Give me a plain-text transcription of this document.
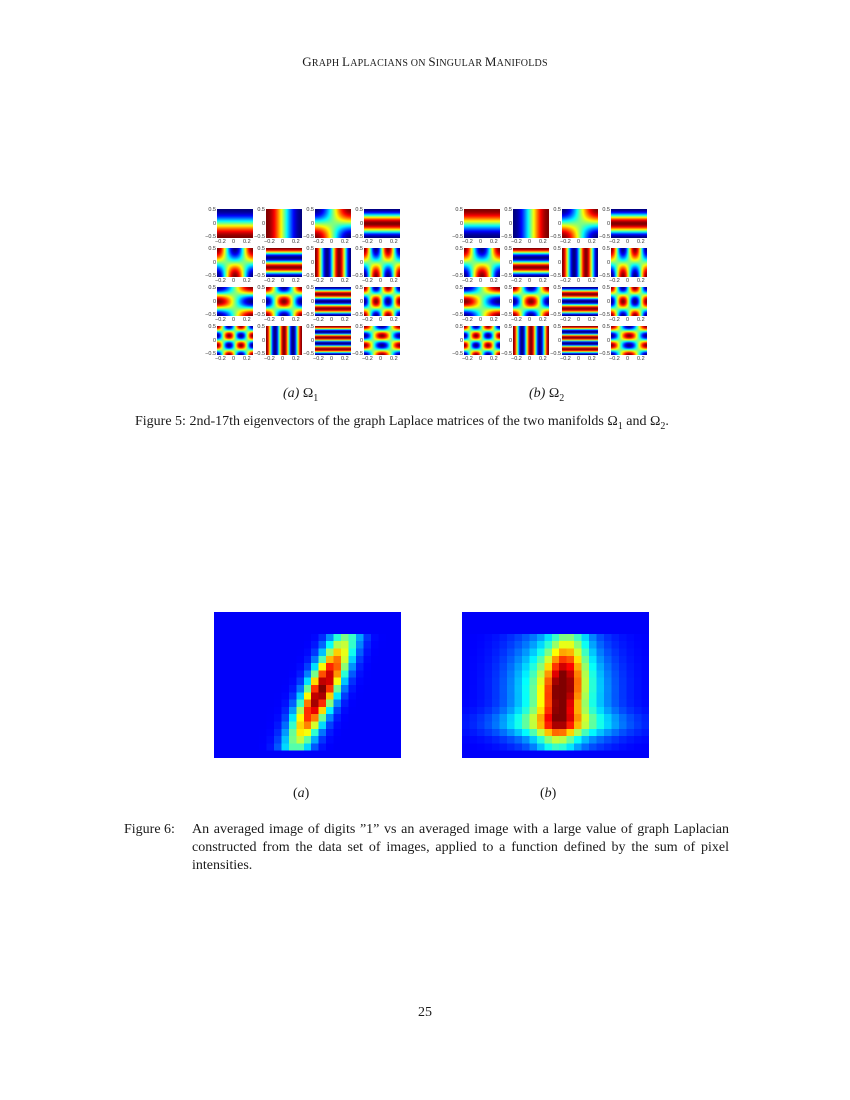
GRAPH LAPLACIANS ON SINGULAR MANIFOLDS
0.5
0
−0.5
−0.2 0 0.2
0.5
0
−0.5
−0.2 0 0.2
0.5
0
−0.5
−0.2 0 0.2
0.5
0
−0.5
−0.2 0 0.2
0.5
0
−0.5
−0.2 0 0.2
0.5
0
−0.5
−0.2 0 0.2
0.5
0
−0.5
−0.2 0 0.2
0.5
0
−0.5
−0.2 0 0.2
0.5
0
−0.5
−0.2 0 0.2
0.5
0
−0.5
−0.2 0 0.2
0.5
0
−0.5
−0.2 0 0.2
0.5
0
−0.5
−0.2 0 0.2
0.5
0
−0.5
−0.2 0 0.2
0.5
0
−0.5
−0.2 0 0.2
0.5
0
−0.5
−0.2 0 0.2
0.5
0
−0.5
−0.2 0 0.2
0.5
0
−0.5
−0.2 0 0.2
0.5
0
−0.5
−0.2 0 0.2
0.5
0
−0.5
−0.2 0 0.2
0.5
0
−0.5
−0.2 0 0.2
0.5
0
−0.5
−0.2 0 0.2
0.5
0
−0.5
−0.2 0 0.2
0.5
0
−0.5
−0.2 0 0.2
0.5
0
−0.5
−0.2 0 0.2
0.5
0
−0.5
−0.2 0 0.2
0.5
0
−0.5
−0.2 0 0.2
0.5
0
−0.5
−0.2 0 0.2
0.5
0
−0.5
−0.2 0 0.2
0.5
0
−0.5
−0.2 0 0.2
0.5
0
−0.5
−0.2 0 0.2
0.5
0
−0.5
−0.2 0 0.2
0.5
0
−0.5
−0.2 0 0.2
(a) $\Omega_1$	(b) $\Omega_2$
Figure 5: 2nd-17th eigenvectors of the graph Laplace matrices of the two manifolds $\Omega_1$ and $\Omega_2$.
(a)	(b)
Figure 6: An averaged image of digits ”1” vs an averaged image with a large value of graph Laplacian constructed from the data set of images, applied to a function defined by the sum of pixel intensities.
25
